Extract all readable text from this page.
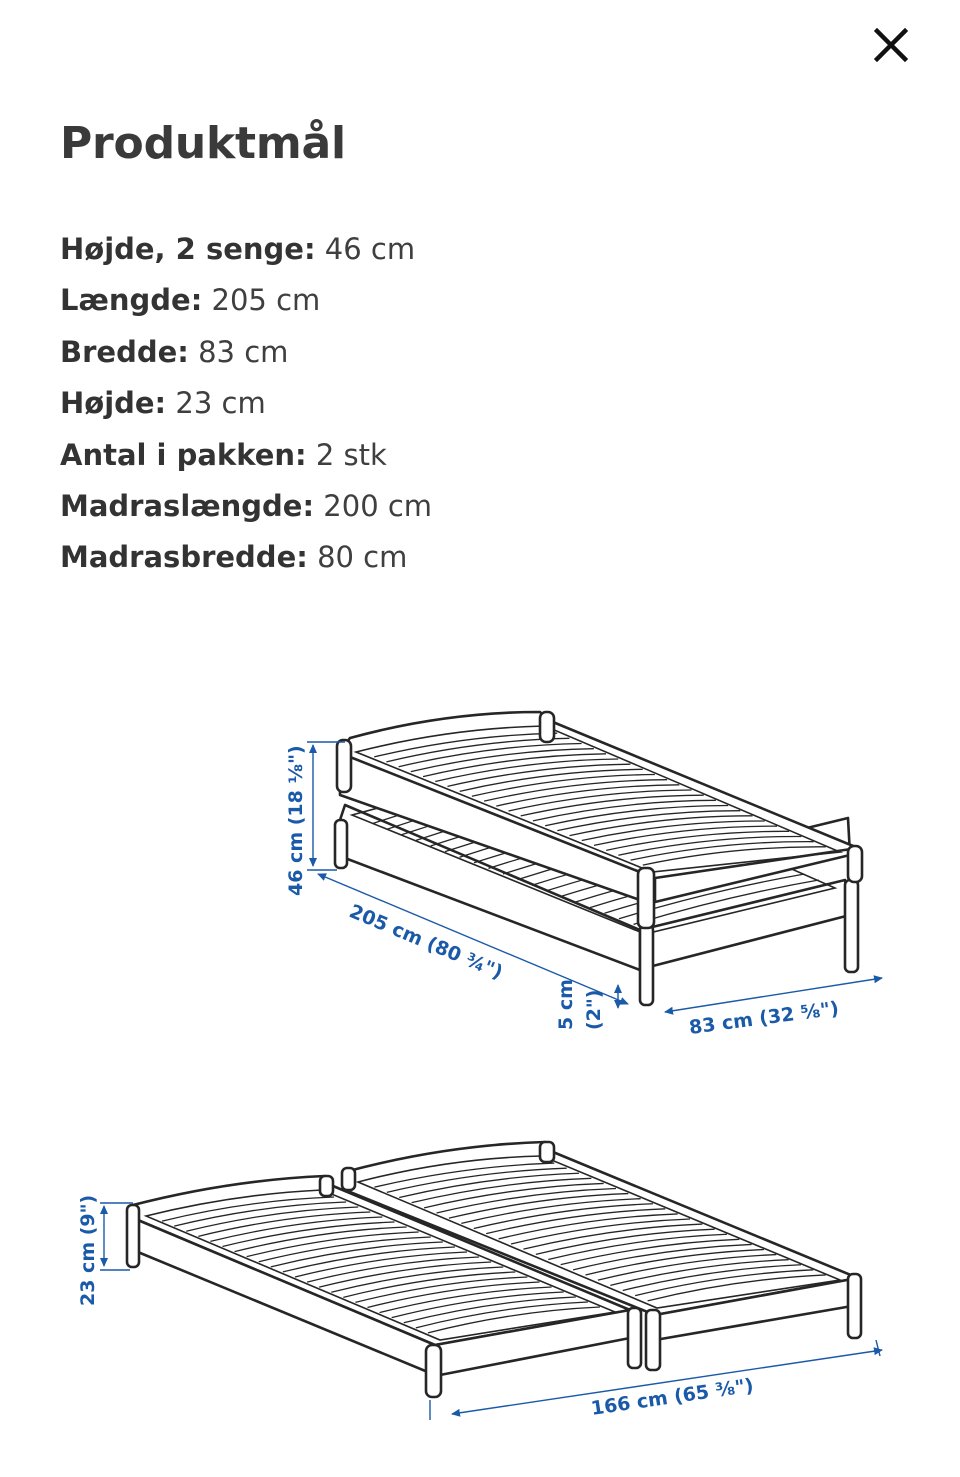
Produktmål
Højde, 2 senge: 46 cm
Længde: 205 cm
Bredde: 83 cm
Højde: 23 cm
Antal i pakken: 2 stk
Madraslængde: 200 cm
Madrasbredde: 80 cm
46 cm (18 ⅛")
205 cm (80 ¾")
5 cm (2")	83 cm (32 ⅝")
23 cm (9")
166 cm (65 ⅜")
